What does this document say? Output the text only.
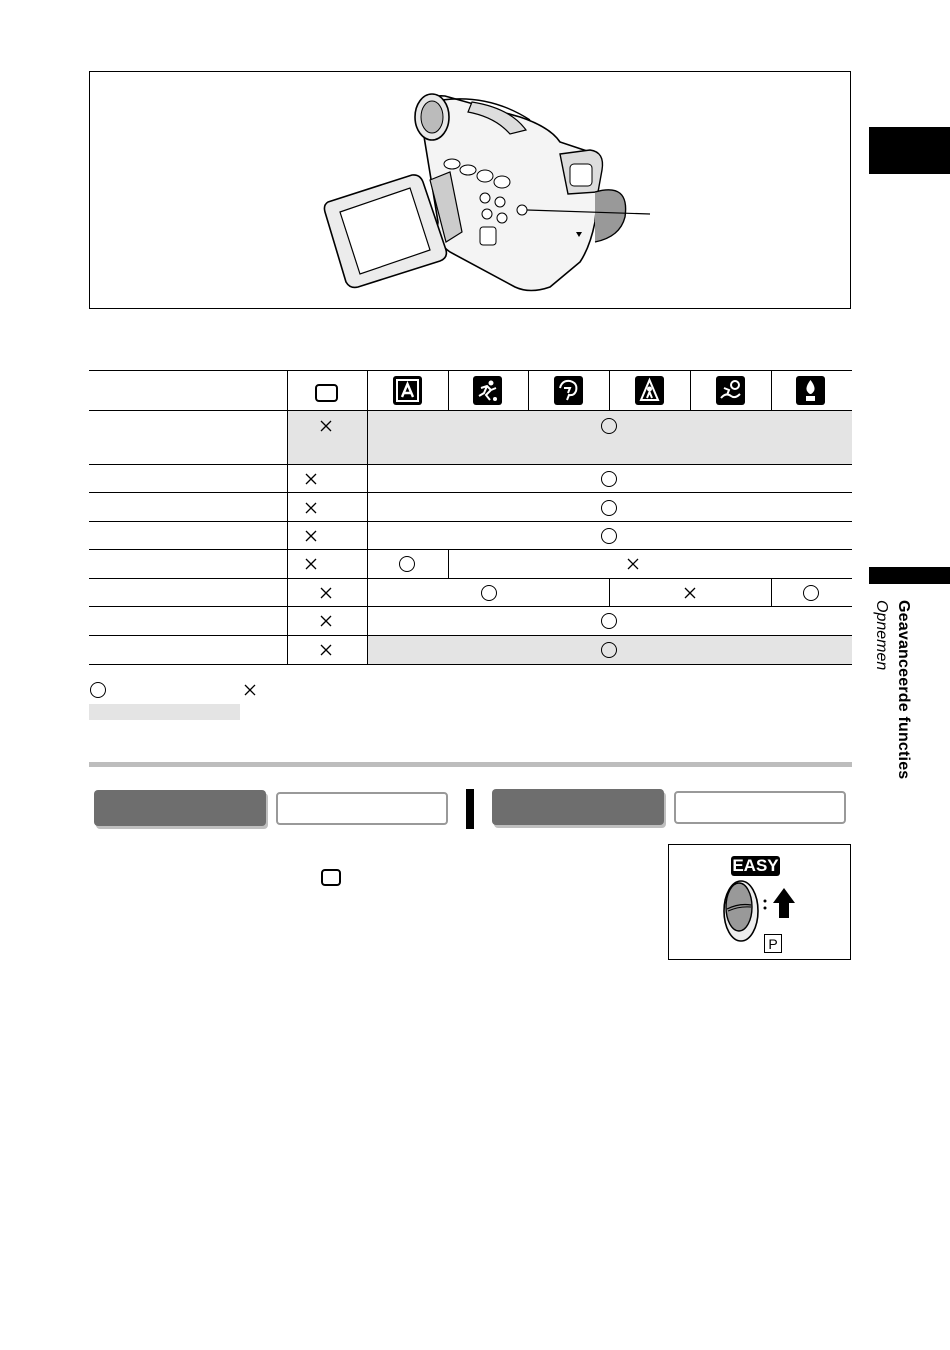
Geavanceerde functies
Opnemen
EASY
P
